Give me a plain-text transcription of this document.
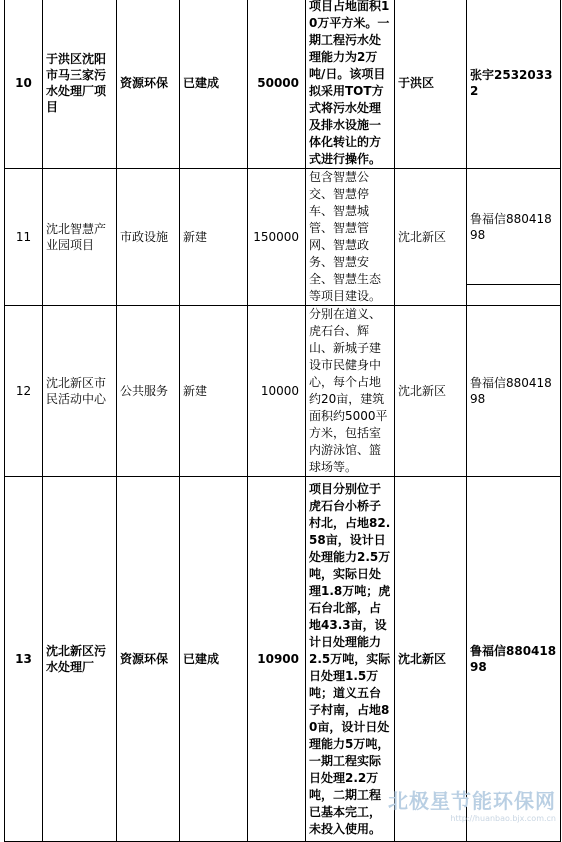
10	于洪区沈阳市马三家污水处理厂项目	资源环保	已建成	50000	项目占地面积10万平方米。一期工程污水处理能力为2万吨/日。该项目拟采用TOT方式将污水处理及排水设施一体化转让的方式进行操作。	于洪区	张宇25320332
11	沈北智慧产业园项目	市政设施	新建	150000	包含智慧公交、智慧停车、智慧城管、智慧管网、智慧政务、智慧安全、智慧生态等项目建设。	沈北新区	鲁福信88041898

12	沈北新区市民活动中心	公共服务	新建	10000	分别在道义、虎石台、辉山、新城子建设市民健身中心，每个占地约20亩，建筑面积约5000平方米，包括室内游泳馆、篮球场等。	沈北新区	鲁福信88041898
13	沈北新区污水处理厂	资源环保	已建成	10900	项目分别位于虎石台小桥子村北，占地82.58亩，设计日处理能力2.5万吨，实际日处理1.8万吨；虎石台北部，占地43.3亩，设计日处理能力2.5万吨，实际日处理1.5万吨；道义五台子村南，占地80亩，设计日处理能力5万吨，一期工程实际日处理2.2万吨，二期工程已基本完工，未投入使用。	沈北新区	鲁福信88041898
北极星节能环保网
http://huanbao.bjx.com.cn
